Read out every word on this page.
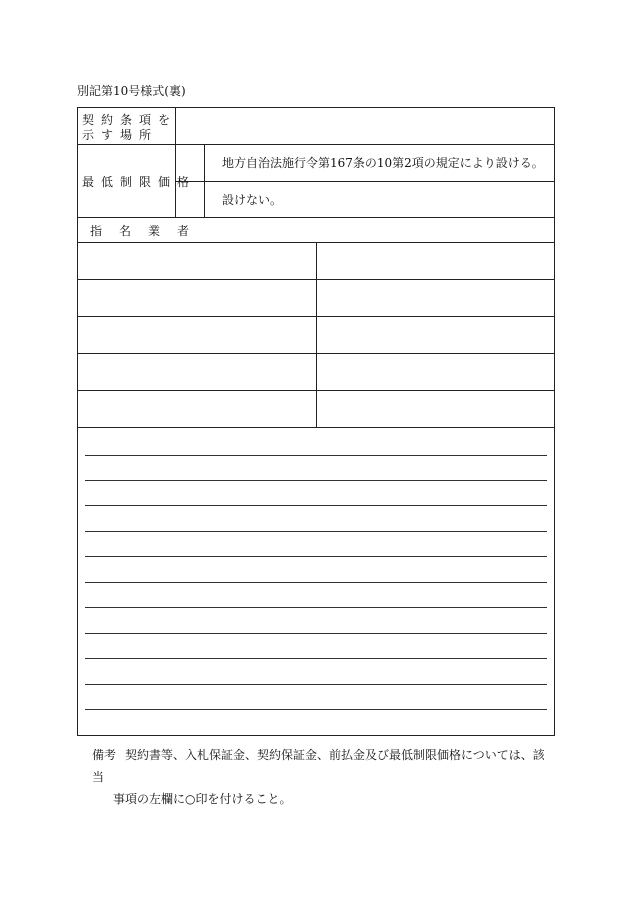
別記第10号様式(裏)
契約条項を
示す場所
最低制限価格
地方自治法施行令第167条の10第2項の規定により設ける。
設けない。
指名業者
備考 契約書等、入札保証金、契約保証金、前払金及び最低制限価格については、該当
事項の左欄に○印を付けること。
